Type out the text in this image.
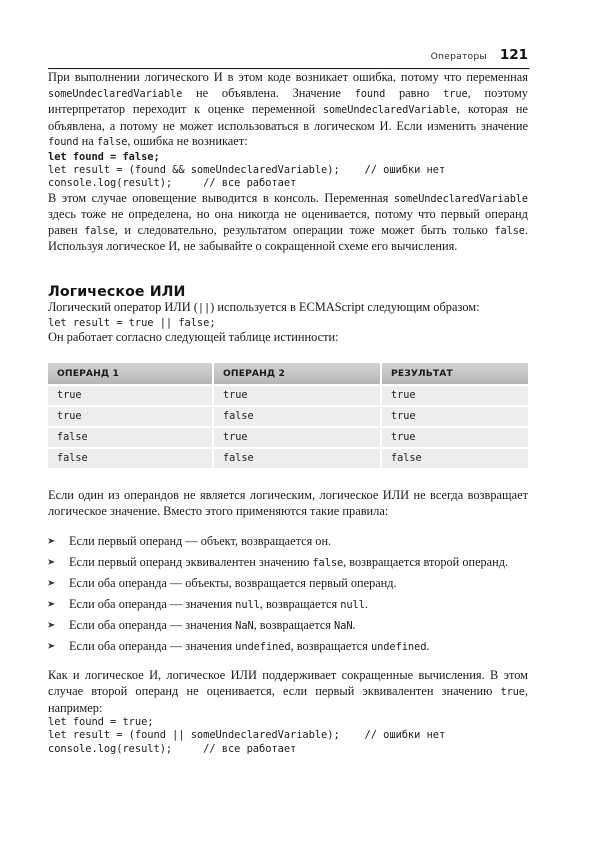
Операторы 121

При выполнении логического И в этом коде возникает ошибка, потому что переменная someUndeclaredVariable не объявлена. Значение found равно true, поэтому интерпретатор переходит к оценке переменной someUndeclaredVariable, которая не объявлена, а потому не может использоваться в логическом И. Если изменить значение found на false, ошибка не возникает:

let found = false;
let result = (found && someUndeclaredVariable);    // ошибки нет
console.log(result);     // все работает

В этом случае оповещение выводится в консоль. Переменная someUndeclaredVariable здесь тоже не определена, но она никогда не оценивается, потому что первый операнд равен false, и следовательно, результатом операции тоже может быть только false. Используя логическое И, не забывайте о сокращенной схеме его вычисления.

Логическое ИЛИ

Логический оператор ИЛИ (||) используется в ECMAScript следующим образом:

let result = true || false;

Он работает согласно следующей таблице истинности:

ОПЕРАНД 1	ОПЕРАНД 2	РЕЗУЛЬТАТ
true	true	true
true	false	true
false	true	true
false	false	false

Если один из операндов не является логическим, логическое ИЛИ не всегда возвращает логическое значение. Вместо этого применяются такие правила:

Если первый операнд — объект, возвращается он.
Если первый операнд эквивалентен значению false, возвращается второй операнд.
Если оба операнда — объекты, возвращается первый операнд.
Если оба операнда — значения null, возвращается null.
Если оба операнда — значения NaN, возвращается NaN.
Если оба операнда — значения undefined, возвращается undefined.

Как и логическое И, логическое ИЛИ поддерживает сокращенные вычисления. В этом случае второй операнд не оценивается, если первый эквивалентен значению true, например:

let found = true;
let result = (found || someUndeclaredVariable);    // ошибки нет
console.log(result);     // все работает
